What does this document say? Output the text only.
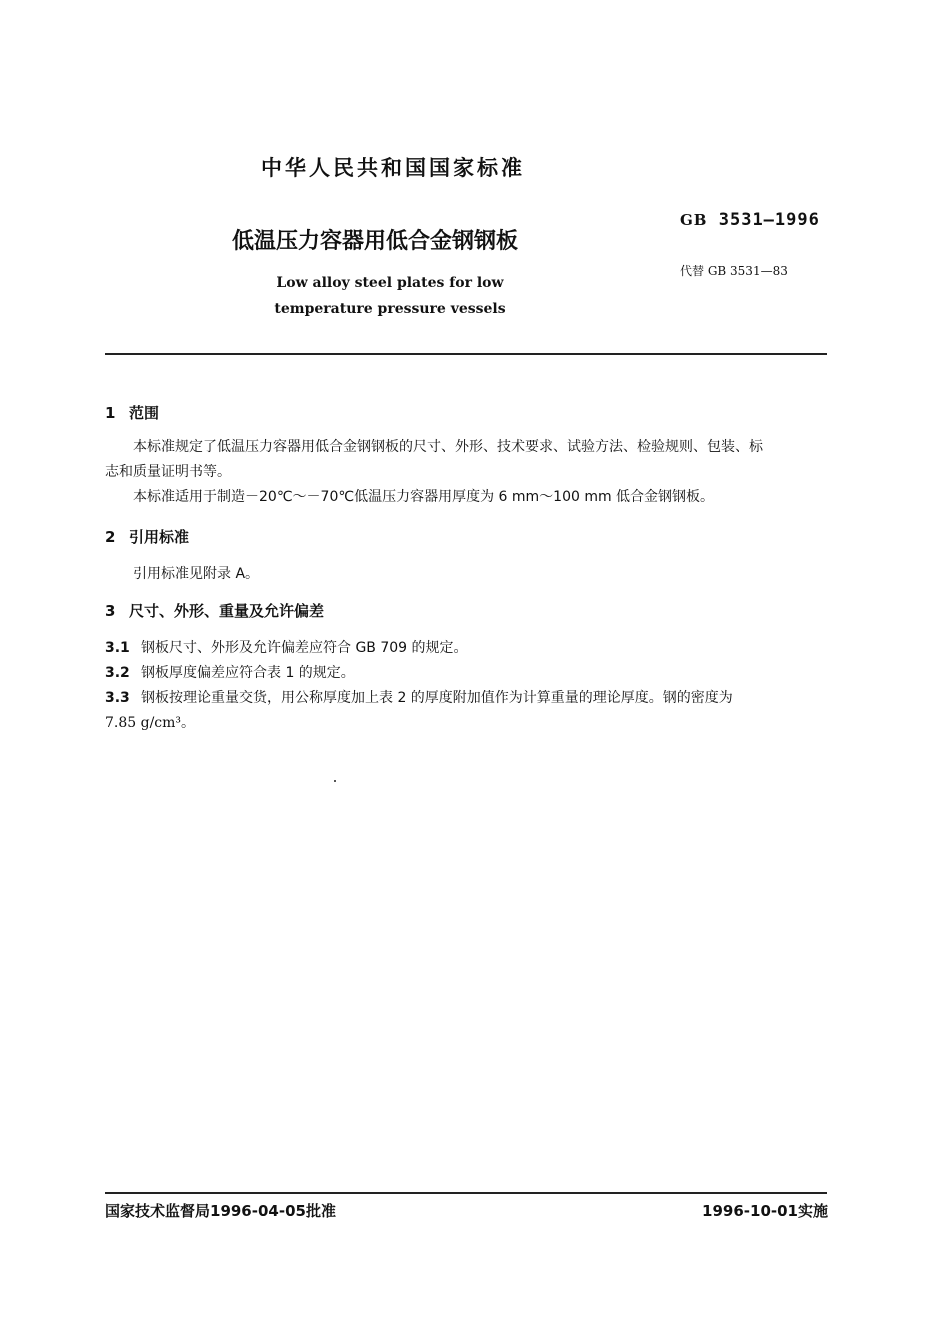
中华人民共和国国家标准
GB 3531—1996
低温压力容器用低合金钢钢板
代替 GB 3531—83
Low alloy steel plates for low
temperature pressure vessels
1 范围
本标准规定了低温压力容器用低合金钢钢板的尺寸、外形、技术要求、试验方法、检验规则、包装、标
志和质量证明书等。
本标准适用于制造－20℃～－70℃低温压力容器用厚度为 6 mm～100 mm 低合金钢钢板。
2 引用标准
引用标准见附录 A。
3 尺寸、外形、重量及允许偏差
3.1 钢板尺寸、外形及允许偏差应符合 GB 709 的规定。
3.2 钢板厚度偏差应符合表 1 的规定。
3.3 钢板按理论重量交货，用公称厚度加上表 2 的厚度附加值作为计算重量的理论厚度。钢的密度为
7.85 g/cm³。
国家技术监督局1996-04-05批准	1996-10-01实施
